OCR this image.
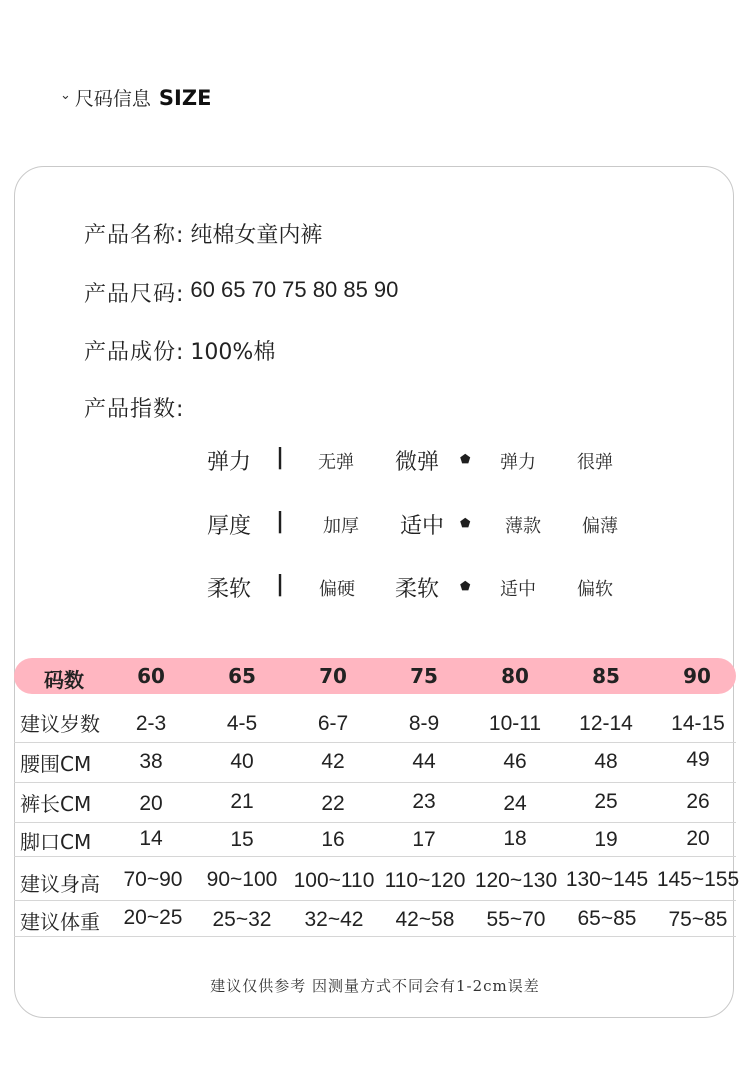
⌄ 尺码信息 SIZE
产品名称: 纯棉女童内裤
产品尺码: 60 65 70 75 80 85 90
产品成份: 100%棉
产品指数:
弹力 | 无弹 微弹 ⬟ 弹力 很弹
厚度 | 加厚 适中 ⬟ 薄款 偏薄
柔软 | 偏硬 柔软 ⬟ 适中 偏软
码数	60	65	70	75	80	85	90
建议岁数 2-3	4-5	6-7	8-9 10-11 12-14 14-15
腰围CM 38	40	42	44	46	48	49
裤长CM 20	21	22	23	24	25	26
脚口CM 14	15	16	17	18	19	20
建议身高 70~90 90~100 100~110 110~120 120~130 130~145 145~155
建议体重 20~25 25~32 32~42 42~58 55~70 65~85 75~85
建议仅供参考 因测量方式不同会有1-2cm误差
